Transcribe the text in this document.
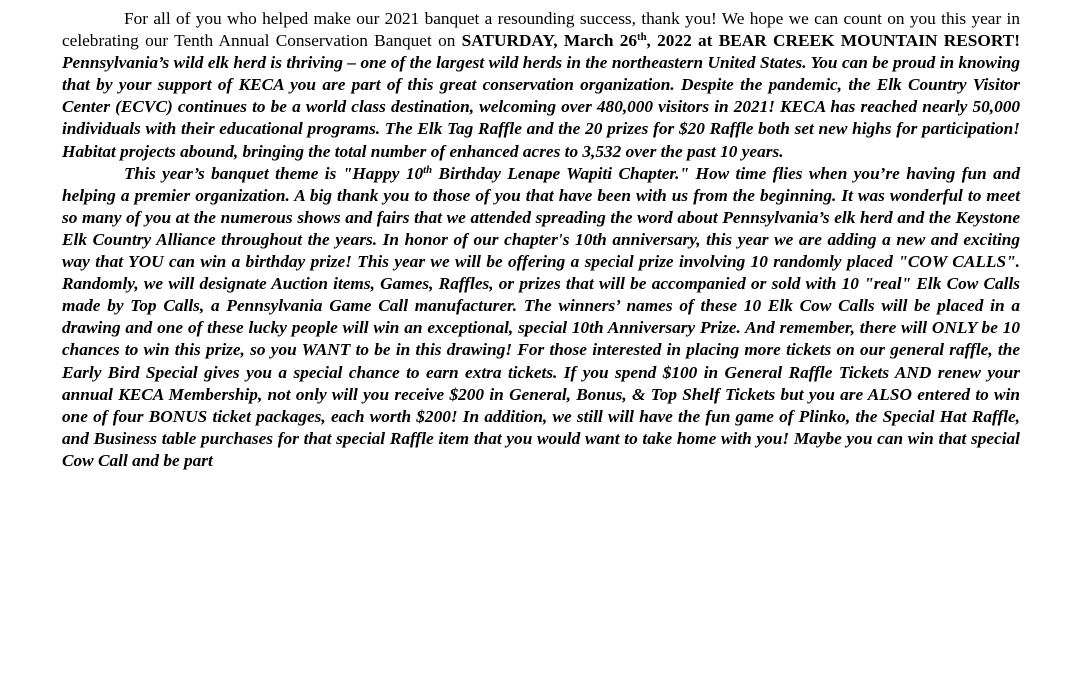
For all of you who helped make our 2021 banquet a resounding success, thank you! We hope we can count on you this year in celebrating our Tenth Annual Conservation Banquet on SATURDAY, March 26th, 2022 at BEAR CREEK MOUNTAIN RESORT! Pennsylvania’s wild elk herd is thriving – one of the largest wild herds in the northeastern United States. You can be proud in knowing that by your support of KECA you are part of this great conservation organization. Despite the pandemic, the Elk Country Visitor Center (ECVC) continues to be a world class destination, welcoming over 480,000 visitors in 2021! KECA has reached nearly 50,000 individuals with their educational programs. The Elk Tag Raffle and the 20 prizes for $20 Raffle both set new highs for participation! Habitat projects abound, bringing the total number of enhanced acres to 3,532 over the past 10 years.

This year’s banquet theme is "Happy 10th Birthday Lenape Wapiti Chapter." How time flies when you’re having fun and helping a premier organization. A big thank you to those of you that have been with us from the beginning. It was wonderful to meet so many of you at the numerous shows and fairs that we attended spreading the word about Pennsylvania’s elk herd and the Keystone Elk Country Alliance throughout the years. In honor of our chapter's 10th anniversary, this year we are adding a new and exciting way that YOU can win a birthday prize! This year we will be offering a special prize involving 10 randomly placed "COW CALLS". Randomly, we will designate Auction items, Games, Raffles, or prizes that will be accompanied or sold with 10 "real" Elk Cow Calls made by Top Calls, a Pennsylvania Game Call manufacturer. The winners’ names of these 10 Elk Cow Calls will be placed in a drawing and one of these lucky people will win an exceptional, special 10th Anniversary Prize. And remember, there will ONLY be 10 chances to win this prize, so you WANT to be in this drawing! For those interested in placing more tickets on our general raffle, the Early Bird Special gives you a special chance to earn extra tickets. If you spend $100 in General Raffle Tickets AND renew your annual KECA Membership, not only will you receive $200 in General, Bonus, & Top Shelf Tickets but you are ALSO entered to win one of four BONUS ticket packages, each worth $200! In addition, we still will have the fun game of Plinko, the Special Hat Raffle, and Business table purchases for that special Raffle item that you would want to take home with you! Maybe you can win that special Cow Call and be part
